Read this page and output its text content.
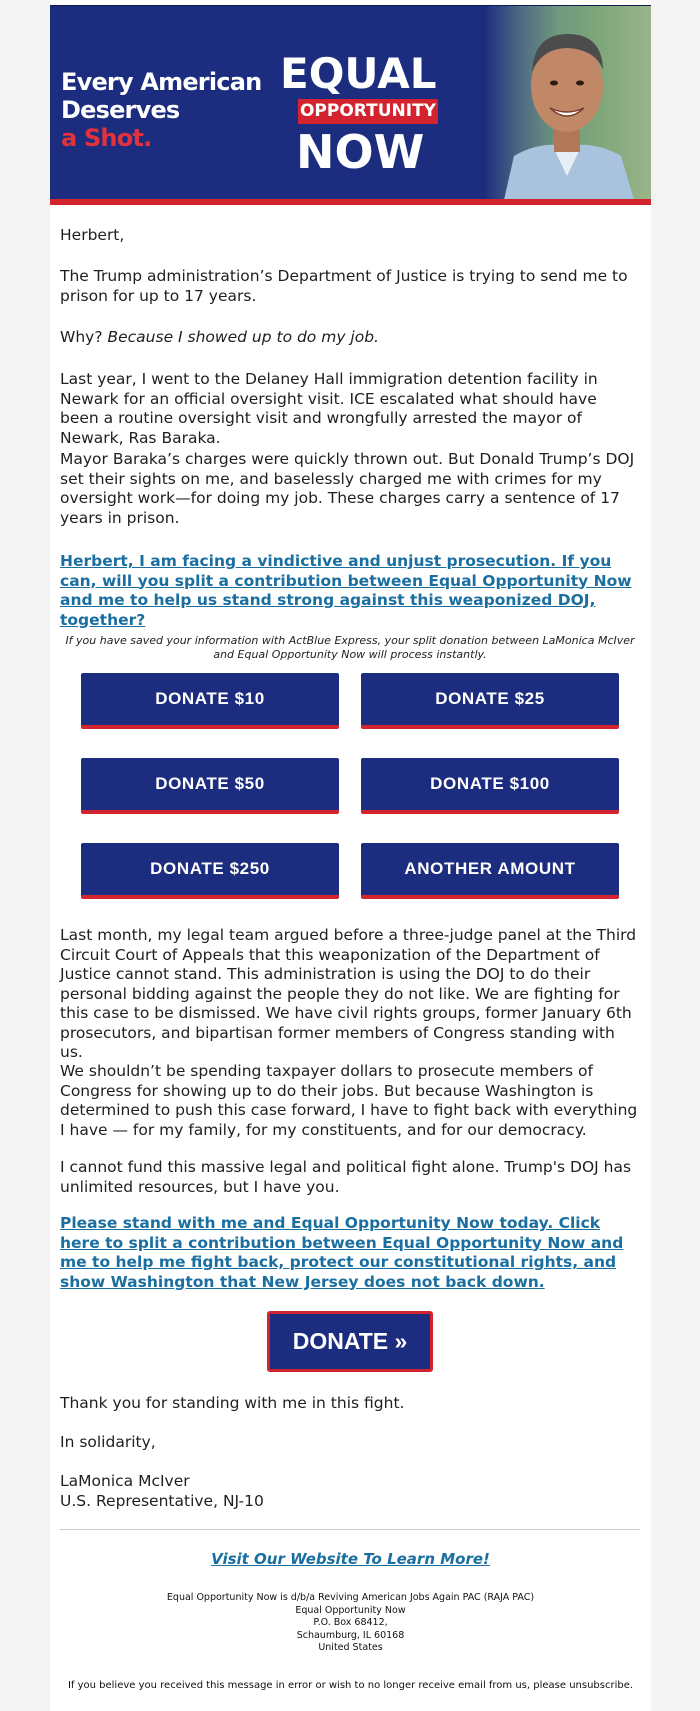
Every American
Deserves
a Shot.
EQUAL
OPPORTUNITY
NOW

Herbert,

The Trump administration’s Department of Justice is trying to send me to prison for up to 17 years.

Why? Because I showed up to do my job.

Last year, I went to the Delaney Hall immigration detention facility in Newark for an official oversight visit. ICE escalated what should have been a routine oversight visit and wrongfully arrested the mayor of Newark, Ras Baraka.

Mayor Baraka’s charges were quickly thrown out. But Donald Trump’s DOJ set their sights on me, and baselessly charged me with crimes for my oversight work—for doing my job. These charges carry a sentence of 17 years in prison.

Herbert, I am facing a vindictive and unjust prosecution. If you can, will you split a contribution between Equal Opportunity Now and me to help us stand strong against this weaponized DOJ, together?
If you have saved your information with ActBlue Express, your split donation between LaMonica McIver and Equal Opportunity Now will process instantly.
DONATE $10	DONATE $25
DONATE $50	DONATE $100
DONATE $250	ANOTHER AMOUNT

Last month, my legal team argued before a three-judge panel at the Third Circuit Court of Appeals that this weaponization of the Department of Justice cannot stand. This administration is using the DOJ to do their personal bidding against the people they do not like. We are fighting for this case to be dismissed. We have civil rights groups, former January 6th prosecutors, and bipartisan former members of Congress standing with us.

We shouldn’t be spending taxpayer dollars to prosecute members of Congress for showing up to do their jobs. But because Washington is determined to push this case forward, I have to fight back with everything I have — for my family, for my constituents, and for our democracy.

I cannot fund this massive legal and political fight alone. Trump's DOJ has unlimited resources, but I have you.

Please stand with me and Equal Opportunity Now today. Click here to split a contribution between Equal Opportunity Now and me to help me fight back, protect our constitutional rights, and show Washington that New Jersey does not back down.
DONATE »

Thank you for standing with me in this fight.

In solidarity,

LaMonica McIver
U.S. Representative, NJ-10
Visit Our Website To Learn More!
Equal Opportunity Now is d/b/a Reviving American Jobs Again PAC (RAJA PAC)
Equal Opportunity Now
P.O. Box 68412,
Schaumburg, IL 60168
United States
If you believe you received this message in error or wish to no longer receive email from us, please unsubscribe.
